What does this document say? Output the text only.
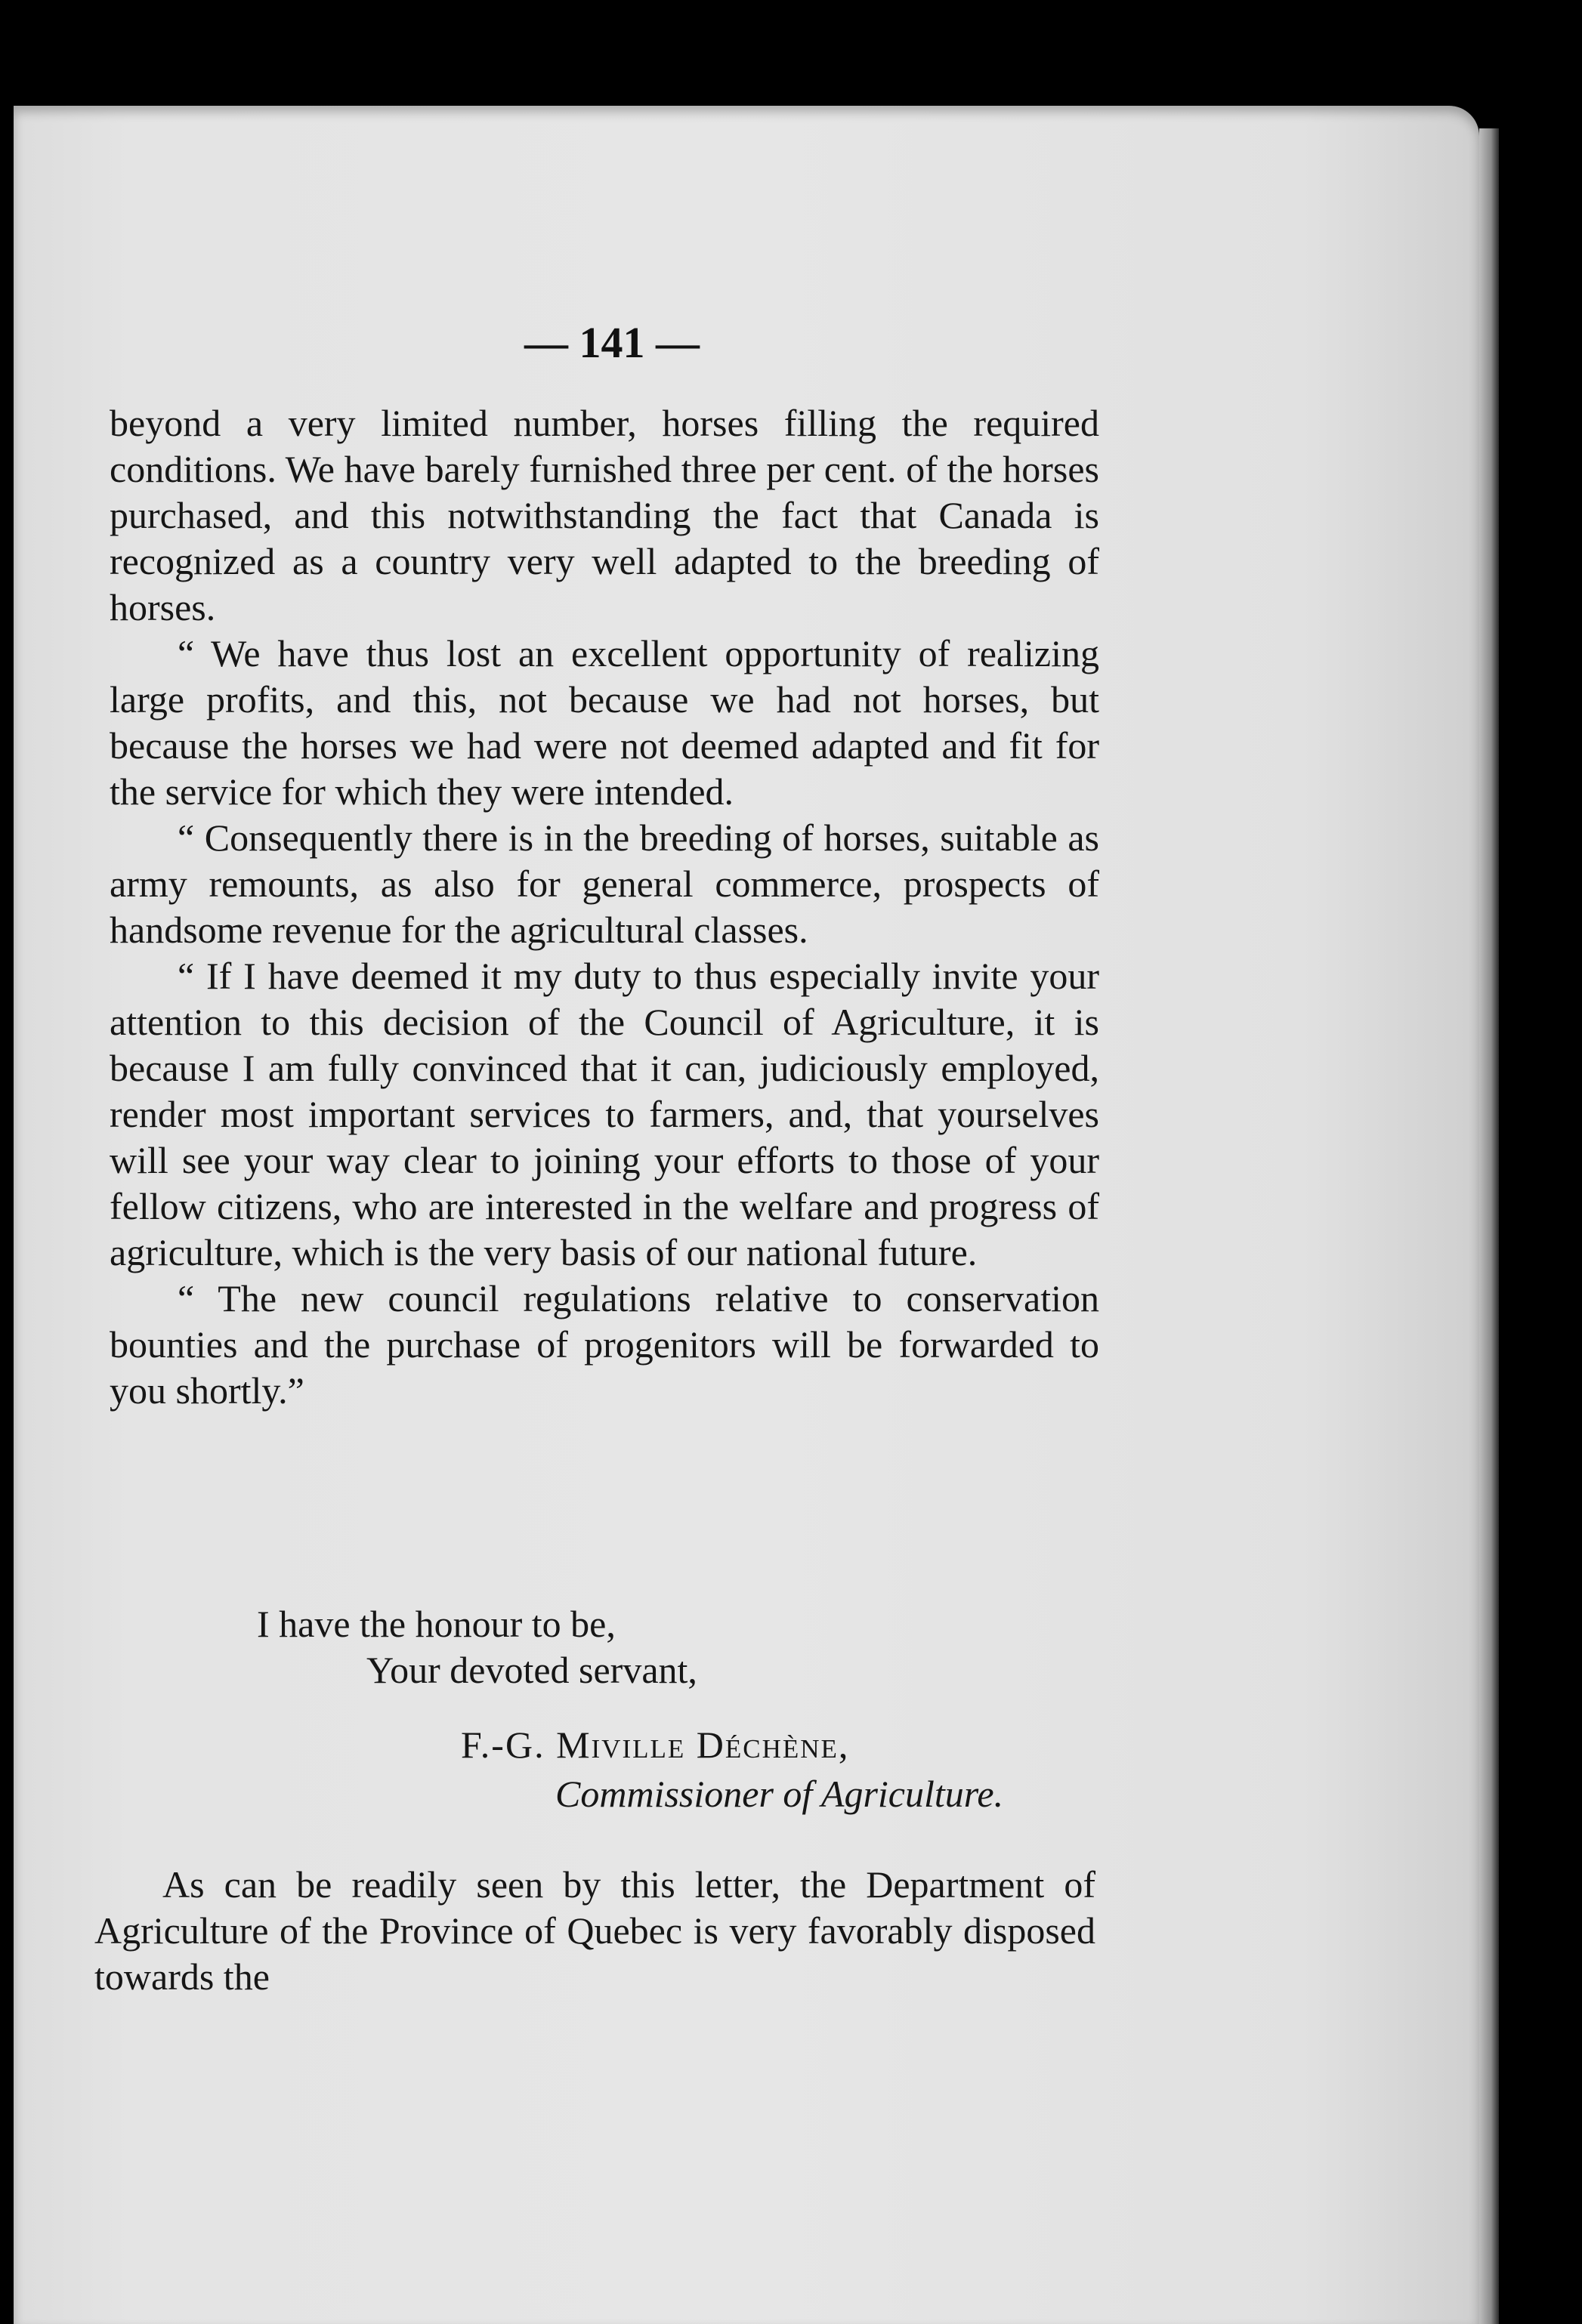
— 141 —

beyond a very limited number, horses filling the required conditions. We have barely furnished three per cent. of the horses purchased, and this notwithstanding the fact that Canada is recognized as a country very well adapted to the breeding of horses.

“ We have thus lost an excellent opportunity of realizing large profits, and this, not because we had not horses, but because the horses we had were not deemed adapted and fit for the service for which they were intended.

“ Consequently there is in the breeding of horses, suitable as army remounts, as also for general commerce, prospects of handsome revenue for the agricultural classes.

“ If I have deemed it my duty to thus especially invite your attention to this decision of the Council of Agriculture, it is because I am fully convinced that it can, judiciously employed, render most important services to farmers, and, that yourselves will see your way clear to joining your efforts to those of your fellow citizens, who are interested in the welfare and progress of agriculture, which is the very basis of our national future.

“ The new council regulations relative to conservation bounties and the purchase of progenitors will be forwarded to you shortly.”

I have the honour to be,
Your devoted servant,
F.-G. Miville Déchène,
Commissioner of Agriculture.

As can be readily seen by this letter, the Department of Agriculture of the Province of Quebec is very favorably disposed towards the
